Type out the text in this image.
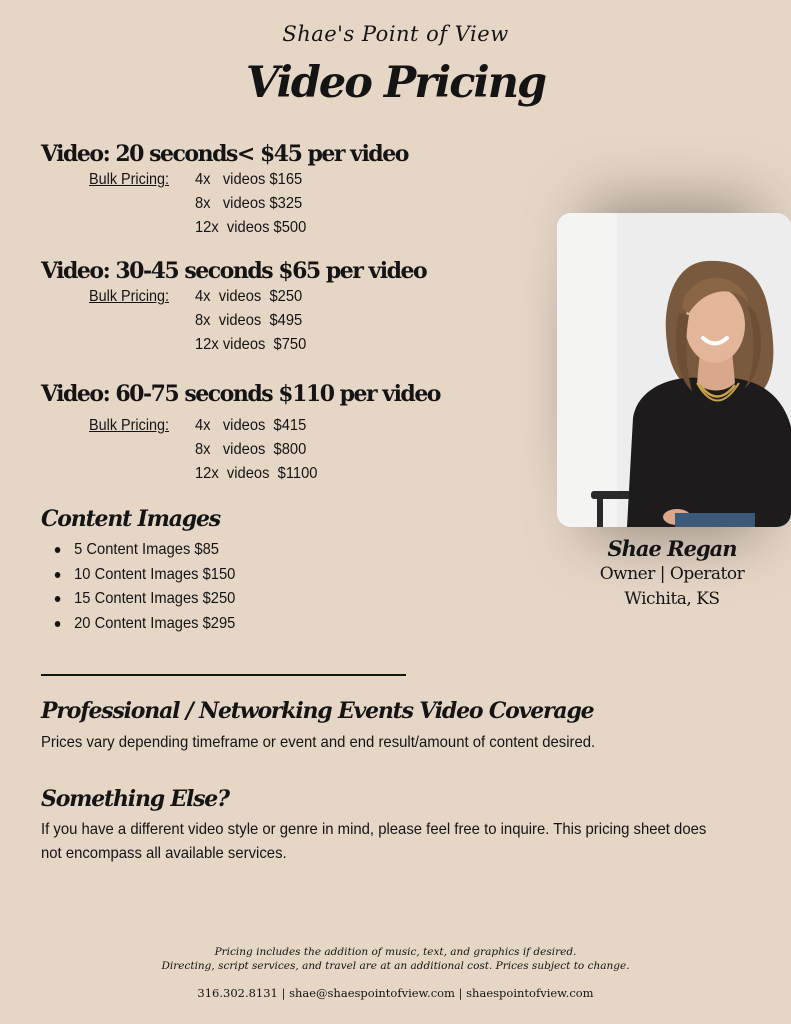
Shae's Point of View
Video Pricing
Video: 20 seconds< $45 per video
Bulk Pricing: 4x   videos $165
8x   videos $325
12x  videos $500
Video: 30-45 seconds $65 per video
Bulk Pricing: 4x  videos  $250
8x  videos  $495
12x videos  $750
Video: 60-75 seconds $110 per video
Bulk Pricing: 4x   videos  $415
8x   videos  $800
12x  videos  $1100
Content Images
5 Content Images $85
10 Content Images $150
15 Content Images $250
20 Content Images $295
Professional / Networking Events Video Coverage
Prices vary depending timeframe or event and end result/amount of content desired.
Something Else?
If you have a different video style or genre in mind, please feel free to inquire. This pricing sheet does not encompass all available services.
Shae Regan
Owner | Operator
Wichita, KS
Pricing includes the addition of music, text, and graphics if desired.
Directing, script services, and travel are at an additional cost. Prices subject to change.
316.302.8131 | shae@shaespointofview.com | shaespointofview.com
